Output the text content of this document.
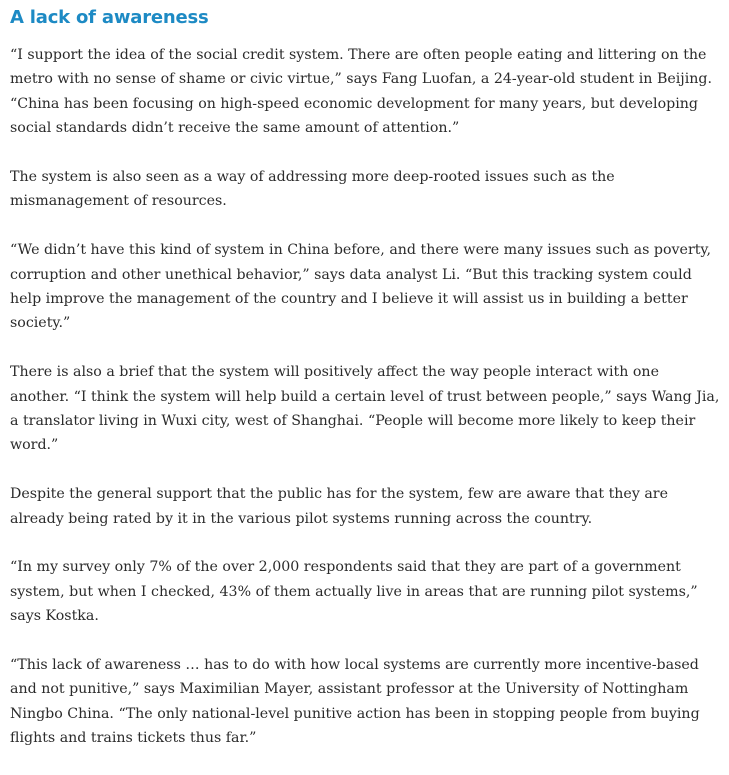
A lack of awareness

“I support the idea of the social credit system. There are often people eating and littering on the metro with no sense of shame or civic virtue,” says Fang Luofan, a 24-year-old student in Beijing. “China has been focusing on high-speed economic development for many years, but developing social standards didn’t receive the same amount of attention.”

The system is also seen as a way of addressing more deep-rooted issues such as the mismanagement of resources.

“We didn’t have this kind of system in China before, and there were many issues such as poverty, corruption and other unethical behavior,” says data analyst Li. “But this tracking system could help improve the management of the country and I believe it will assist us in building a better society.”

There is also a brief that the system will positively affect the way people interact with one another. “I think the system will help build a certain level of trust between people,” says Wang Jia, a translator living in Wuxi city, west of Shanghai. “People will become more likely to keep their word.”

Despite the general support that the public has for the system, few are aware that they are already being rated by it in the various pilot systems running across the country.

“In my survey only 7% of the over 2,000 respondents said that they are part of a government system, but when I checked, 43% of them actually live in areas that are running pilot systems,” says Kostka.

“This lack of awareness … has to do with how local systems are currently more incentive-based and not punitive,” says Maximilian Mayer, assistant professor at the University of Nottingham Ningbo China. “The only national-level punitive action has been in stopping people from buying flights and trains tickets thus far.”
